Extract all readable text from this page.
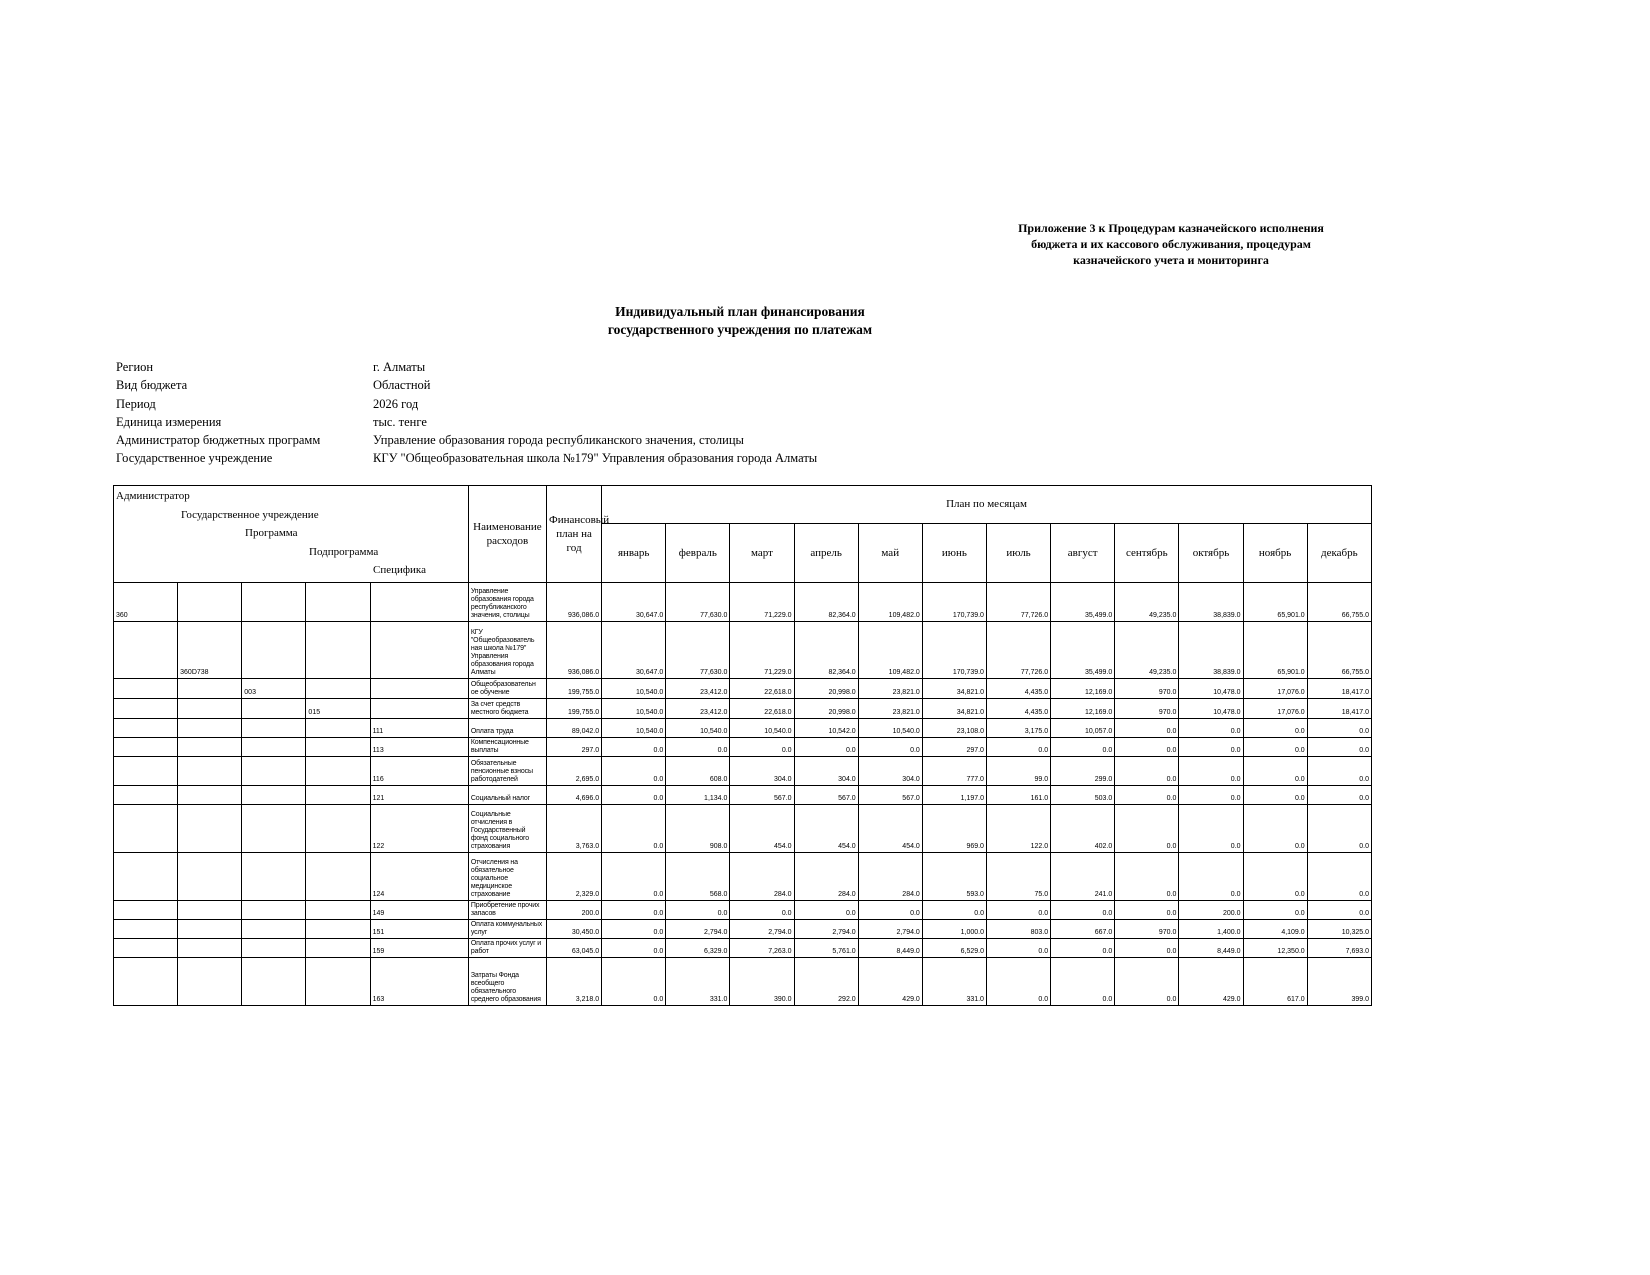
Приложение 3 к Процедурам казначейского исполнения
бюджета и их кассового обслуживания, процедурам
казначейского учета и мониторинга
Индивидуальный план финансирования
государственного учреждения по платежам
Регион	г. Алматы
Вид бюджета	Областной
Период	2026 год
Единица измерения	тыс. тенге
Администратор бюджетных программ	Управление образования города республиканского значения, столицы
Государственное учреждение	КГУ "Общеобразовательная школа №179" Управления образования города Алматы
Администратор
Государственное учреждение
Программа
Подпрограмма
Специфика					Наименование расходов	Финансовый план на год	План по месяцам											
							январь	февраль	март	апрель	май	июнь	июль	август	сентябрь	октябрь	ноябрь	декабрь
360					Управление образования города республиканского значения, столицы	936,086.0	30,647.0	77,630.0	71,229.0	82,364.0	109,482.0	170,739.0	77,726.0	35,499.0	49,235.0	38,839.0	65,901.0	66,755.0
	360D738				КГУ "Общеобразователь ная школа №179" Управления образования города Алматы	936,086.0	30,647.0	77,630.0	71,229.0	82,364.0	109,482.0	170,739.0	77,726.0	35,499.0	49,235.0	38,839.0	65,901.0	66,755.0
		003			Общеобразовательн ое обучение	199,755.0	10,540.0	23,412.0	22,618.0	20,998.0	23,821.0	34,821.0	4,435.0	12,169.0	970.0	10,478.0	17,076.0	18,417.0
			015		За счет средств местного бюджета	199,755.0	10,540.0	23,412.0	22,618.0	20,998.0	23,821.0	34,821.0	4,435.0	12,169.0	970.0	10,478.0	17,076.0	18,417.0
				111	Оплата труда	89,042.0	10,540.0	10,540.0	10,540.0	10,542.0	10,540.0	23,108.0	3,175.0	10,057.0	0.0	0.0	0.0	0.0
				113	Компенсационные выплаты	297.0	0.0	0.0	0.0	0.0	0.0	297.0	0.0	0.0	0.0	0.0	0.0	0.0
				116	Обязательные пенсионные взносы работодателей	2,695.0	0.0	608.0	304.0	304.0	304.0	777.0	99.0	299.0	0.0	0.0	0.0	0.0
				121	Социальный налог	4,696.0	0.0	1,134.0	567.0	567.0	567.0	1,197.0	161.0	503.0	0.0	0.0	0.0	0.0
				122	Социальные отчисления в Государственный фонд социального страхования	3,763.0	0.0	908.0	454.0	454.0	454.0	969.0	122.0	402.0	0.0	0.0	0.0	0.0
				124	Отчисления на обязательное социальное медицинское страхование	2,329.0	0.0	568.0	284.0	284.0	284.0	593.0	75.0	241.0	0.0	0.0	0.0	0.0
				149	Приобретение прочих запасов	200.0	0.0	0.0	0.0	0.0	0.0	0.0	0.0	0.0	0.0	200.0	0.0	0.0
				151	Оплата коммунальных услуг	30,450.0	0.0	2,794.0	2,794.0	2,794.0	2,794.0	1,000.0	803.0	667.0	970.0	1,400.0	4,109.0	10,325.0
				159	Оплата прочих услуг и работ	63,045.0	0.0	6,329.0	7,263.0	5,761.0	8,449.0	6,529.0	0.0	0.0	0.0	8,449.0	12,350.0	7,693.0
				163	Затраты Фонда всеобщего обязательного среднего образования	3,218.0	0.0	331.0	390.0	292.0	429.0	331.0	0.0	0.0	0.0	429.0	617.0	399.0
